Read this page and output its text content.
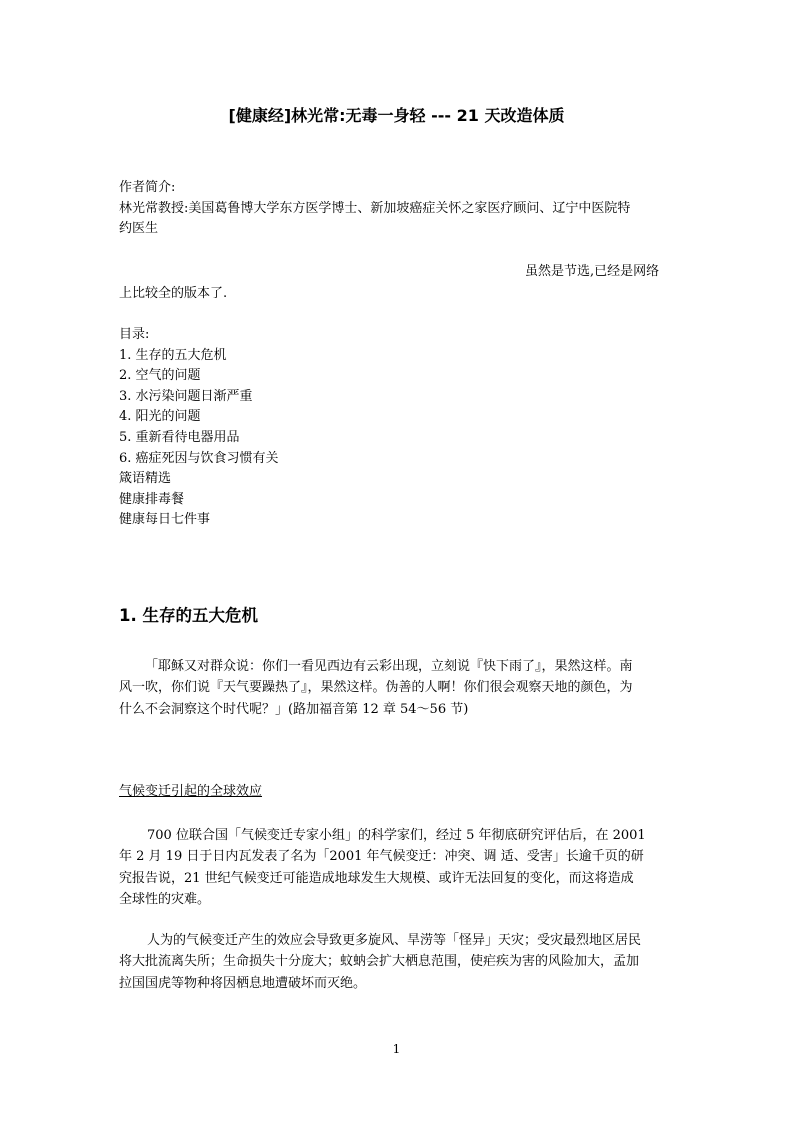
[健康经]林光常:无毒一身轻 --- 21 天改造体质
作者简介:
林光常教授:美国葛鲁博大学东方医学博士、新加坡癌症关怀之家医疗顾问、辽宁中医院特
约医生
虽然是节选,已经是网络
上比较全的版本了.
目录:
1. 生存的五大危机
2. 空气的问题
3. 水污染问题日渐严重
4. 阳光的问题
5. 重新看待电器用品
6. 癌症死因与饮食习惯有关
箴语精选
健康排毒餐
健康每日七件事
1. 生存的五大危机
「耶稣又对群众说：你们一看见西边有云彩出现，立刻说『快下雨了』，果然这样。南
风一吹，你们说『天气要躁热了』，果然这样。伪善的人啊！你们很会观察天地的颜色，为
什么不会洞察这个时代呢？」(路加福音第 12 章 54～56 节)
气候变迁引起的全球效应
700 位联合国「气候变迁专家小组」的科学家们，经过 5 年彻底研究评估后，在 2001
年 2 月 19 日于日内瓦发表了名为「2001 年气候变迁：冲突、调 适、受害」长逾千页的研
究报告说，21 世纪气候变迁可能造成地球发生大规模、或许无法回复的变化，而这将造成
全球性的灾难。
人为的气候变迁产生的效应会导致更多旋风、旱涝等「怪异」天灾；受灾最烈地区居民
将大批流离失所；生命损失十分庞大；蚊蚋会扩大栖息范围，使疟疾为害的风险加大，孟加
拉国国虎等物种将因栖息地遭破坏而灭绝。
1
